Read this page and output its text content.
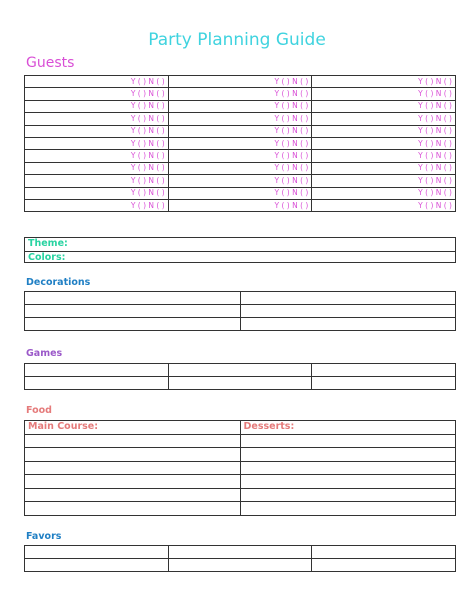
Party Planning Guide
Guests
Y ( ) N ( )	Y ( ) N ( )	Y ( ) N ( )
Y ( ) N ( )	Y ( ) N ( )	Y ( ) N ( )
Y ( ) N ( )	Y ( ) N ( )	Y ( ) N ( )
Y ( ) N ( )	Y ( ) N ( )	Y ( ) N ( )
Y ( ) N ( )	Y ( ) N ( )	Y ( ) N ( )
Y ( ) N ( )	Y ( ) N ( )	Y ( ) N ( )
Y ( ) N ( )	Y ( ) N ( )	Y ( ) N ( )
Y ( ) N ( )	Y ( ) N ( )	Y ( ) N ( )
Y ( ) N ( )	Y ( ) N ( )	Y ( ) N ( )
Y ( ) N ( )	Y ( ) N ( )	Y ( ) N ( )
Y ( ) N ( )	Y ( ) N ( )	Y ( ) N ( )
Theme:
Colors:
Decorations

Games

Food
Main Course:	Desserts:

Favors
